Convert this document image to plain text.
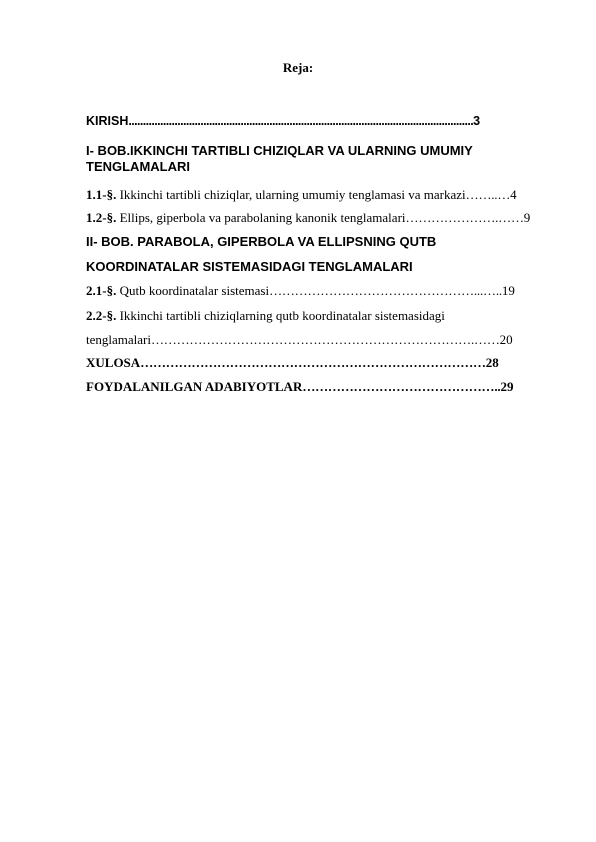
Reja:
KIRISH........................................................................................................................3
I- BOB.IKKINCHI TARTIBLI CHIZIQLAR VA ULARNING UMUMIY
TENGLAMALARI
1.1-§. Ikkinchi tartibli chiziqlar, ularning umumiy tenglamasi va markazi……..…4
1.2-§. Ellips, giperbola va parabolaning kanonik tenglamalari………………….……9
II- BOB. PARABOLA, GIPERBOLA VA ELLIPSNING QUTB
KOORDINATALAR SISTEMASIDAGI TENGLAMALARI
2.1-§. Qutb koordinatalar sistemasi…………………………………………...…..19
2.2-§. Ikkinchi tartibli chiziqlarning qutb koordinatalar sistemasidagi
tenglamalari………………………………………………………………….……20
XULOSA………………………………………………………………………28
FOYDALANILGAN ADABIYOTLAR………………………………………..29
